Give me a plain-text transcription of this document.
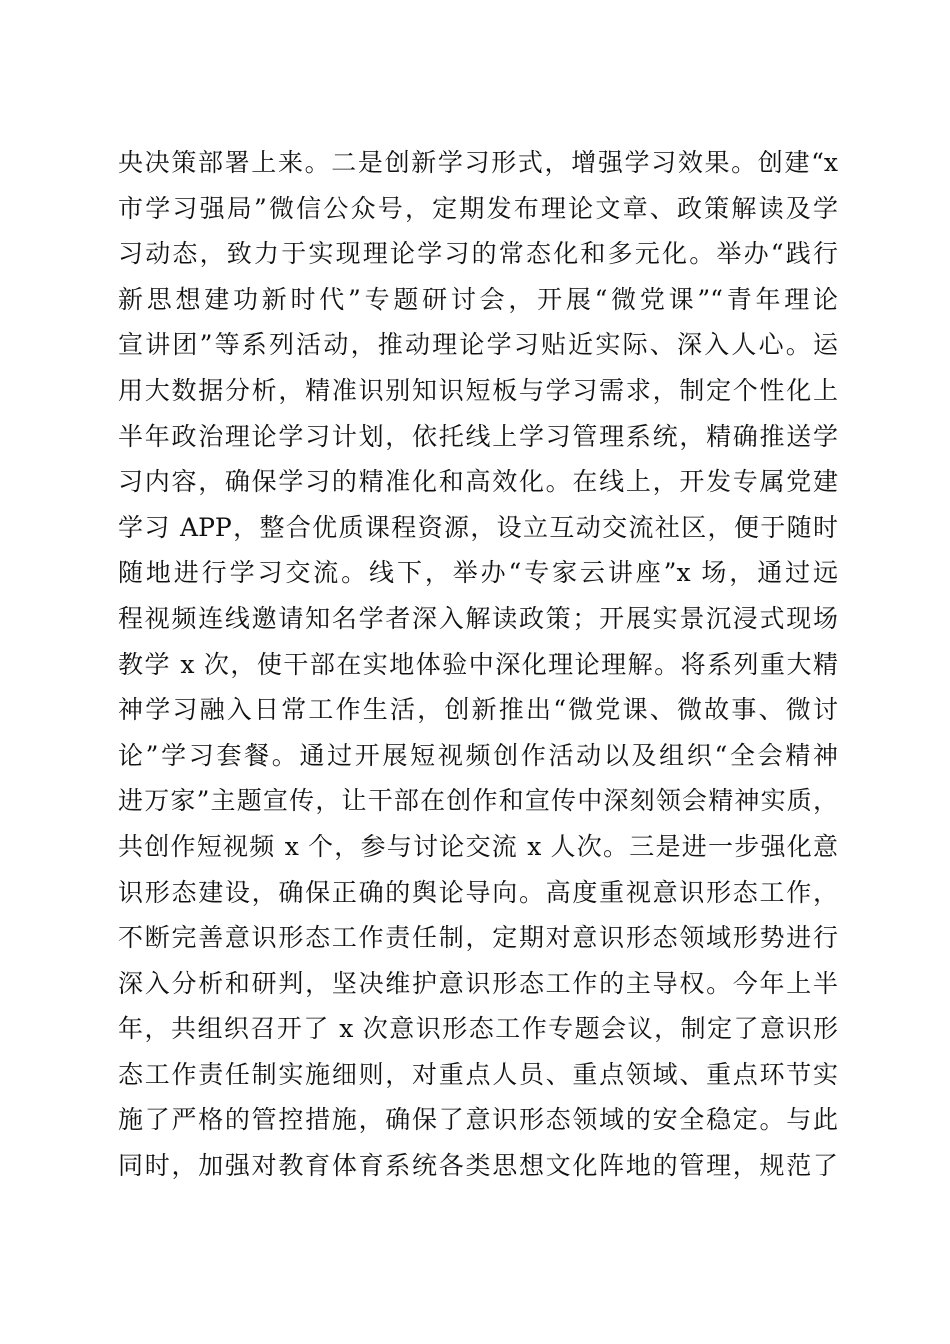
央决策部署上来。二是创新学习形式，增强学习效果。创建“x
市学习强局”微信公众号，定期发布理论文章、政策解读及学
习动态，致力于实现理论学习的常态化和多元化。举办“践行
新思想建功新时代”专题研讨会，开展“微党课”“青年理论
宣讲团”等系列活动，推动理论学习贴近实际、深入人心。运
用大数据分析，精准识别知识短板与学习需求，制定个性化上
半年政治理论学习计划，依托线上学习管理系统，精确推送学
习内容，确保学习的精准化和高效化。在线上，开发专属党建
学习 APP，整合优质课程资源，设立互动交流社区，便于随时
随地进行学习交流。线下，举办“专家云讲座”x 场，通过远
程视频连线邀请知名学者深入解读政策；开展实景沉浸式现场
教学 x 次，使干部在实地体验中深化理论理解。将系列重大精
神学习融入日常工作生活，创新推出“微党课、微故事、微讨
论”学习套餐。通过开展短视频创作活动以及组织“全会精神
进万家”主题宣传，让干部在创作和宣传中深刻领会精神实质，
共创作短视频 x 个，参与讨论交流 x 人次。三是进一步强化意
识形态建设，确保正确的舆论导向。高度重视意识形态工作，
不断完善意识形态工作责任制，定期对意识形态领域形势进行
深入分析和研判，坚决维护意识形态工作的主导权。今年上半
年，共组织召开了 x 次意识形态工作专题会议，制定了意识形
态工作责任制实施细则，对重点人员、重点领域、重点环节实
施了严格的管控措施，确保了意识形态领域的安全稳定。与此
同时，加强对教育体育系统各类思想文化阵地的管理，规范了
